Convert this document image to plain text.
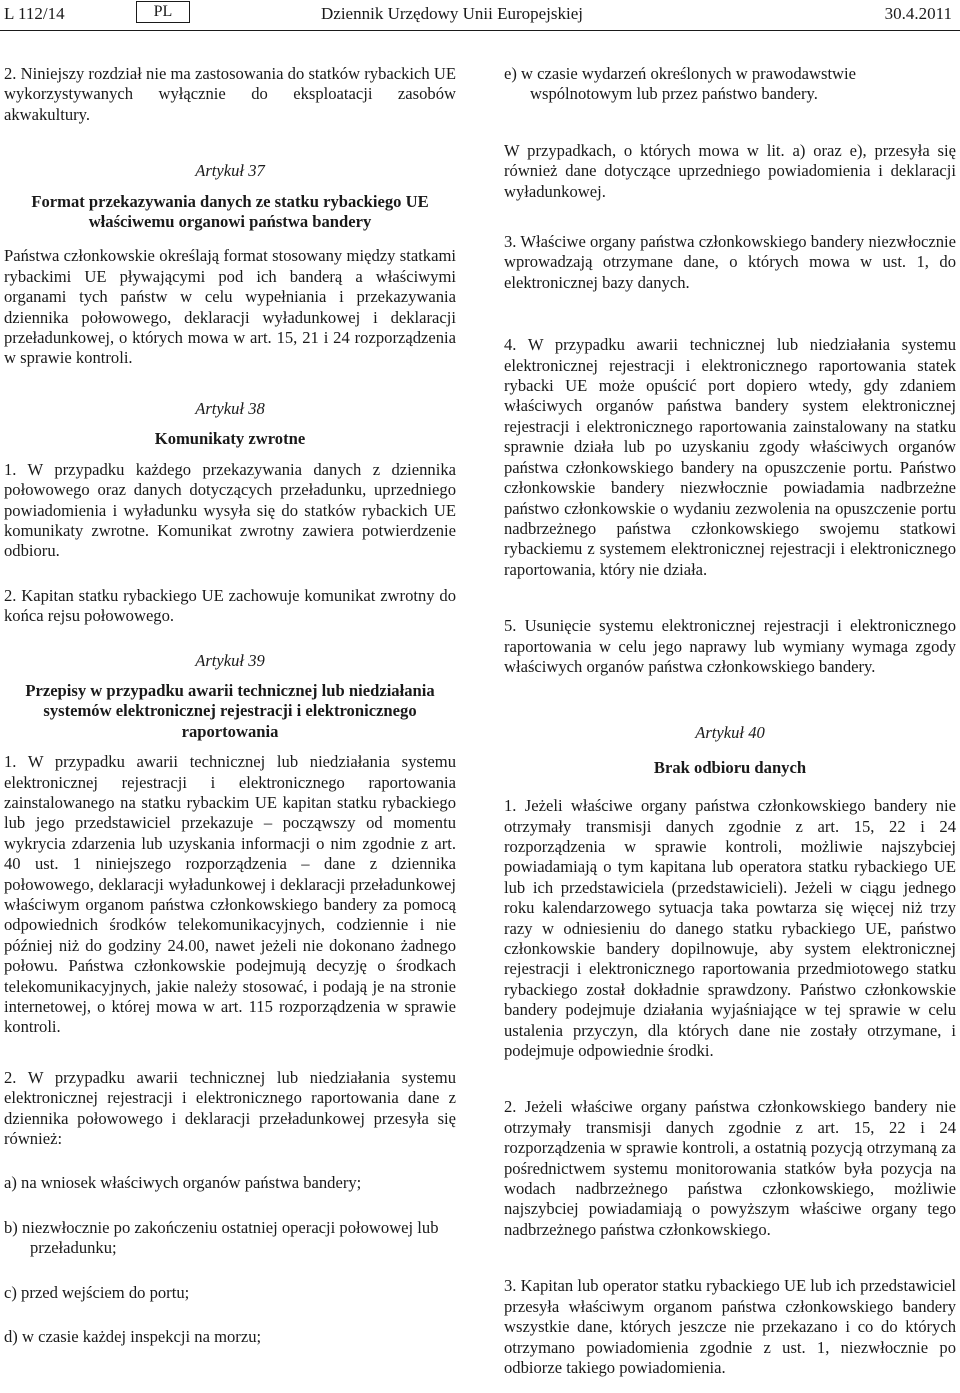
L 112/14	PL	Dziennik Urzędowy Unii Europejskiej	30.4.2011

2. Niniejszy rozdział nie ma zastosowania do statków rybackich UE wykorzystywanych wyłącznie do eksploatacji zasobów akwakultury.

Artykuł 37

Format przekazywania danych ze statku rybackiego UE właściwemu organowi państwa bandery

Państwa członkowskie określają format stosowany między statkami rybackimi UE pływającymi pod ich banderą a właściwymi organami tych państw w celu wypełniania i przekazywania dziennika połowowego, deklaracji wyładunkowej i deklaracji przeładunkowej, o których mowa w art. 15, 21 i 24 rozporządzenia w sprawie kontroli.

Artykuł 38

Komunikaty zwrotne

1. W przypadku każdego przekazywania danych z dziennika połowowego oraz danych dotyczących przeładunku, uprzedniego powiadomienia i wyładunku wysyła się do statków rybackich UE komunikaty zwrotne. Komunikat zwrotny zawiera potwierdzenie odbioru.

2. Kapitan statku rybackiego UE zachowuje komunikat zwrotny do końca rejsu połowowego.

Artykuł 39

Przepisy w przypadku awarii technicznej lub niedziałania systemów elektronicznej rejestracji i elektronicznego raportowania

1. W przypadku awarii technicznej lub niedziałania systemu elektronicznej rejestracji i elektronicznego raportowania zainstalowanego na statku rybackim UE kapitan statku rybackiego lub jego przedstawiciel przekazuje – począwszy od momentu wykrycia zdarzenia lub uzyskania informacji o nim zgodnie z art. 40 ust. 1 niniejszego rozporządzenia – dane z dziennika połowowego, deklaracji wyładunkowej i deklaracji przeładunkowej właściwym organom państwa członkowskiego bandery za pomocą odpowiednich środków telekomunikacyjnych, codziennie i nie później niż do godziny 24.00, nawet jeżeli nie dokonano żadnego połowu. Państwa członkowskie podejmują decyzję o środkach telekomunikacyjnych, jakie należy stosować, i podają je na stronie internetowej, o której mowa w art. 115 rozporządzenia w sprawie kontroli.

2. W przypadku awarii technicznej lub niedziałania systemu elektronicznej rejestracji i elektronicznego raportowania dane z dziennika połowowego i deklaracji przeładunkowej przesyła się również:

a) na wniosek właściwych organów państwa bandery;

b) niezwłocznie po zakończeniu ostatniej operacji połowowej lub przeładunku;

c) przed wejściem do portu;

d) w czasie każdej inspekcji na morzu;

e) w czasie wydarzeń określonych w prawodawstwie wspólnotowym lub przez państwo bandery.

W przypadkach, o których mowa w lit. a) oraz e), przesyła się również dane dotyczące uprzedniego powiadomienia i deklaracji wyładunkowej.

3. Właściwe organy państwa członkowskiego bandery niezwłocznie wprowadzają otrzymane dane, o których mowa w ust. 1, do elektronicznej bazy danych.

4. W przypadku awarii technicznej lub niedziałania systemu elektronicznej rejestracji i elektronicznego raportowania statek rybacki UE może opuścić port dopiero wtedy, gdy zdaniem właściwych organów państwa bandery system elektronicznej rejestracji i elektronicznego raportowania zainstalowany na statku sprawnie działa lub po uzyskaniu zgody właściwych organów państwa członkowskiego bandery na opuszczenie portu. Państwo członkowskie bandery niezwłocznie powiadamia nadbrzeżne państwo członkowskie o wydaniu zezwolenia na opuszczenie portu nadbrzeżnego państwa członkowskiego swojemu statkowi rybackiemu z systemem elektronicznej rejestracji i elektronicznego raportowania, który nie działa.

5. Usunięcie systemu elektronicznej rejestracji i elektronicznego raportowania w celu jego naprawy lub wymiany wymaga zgody właściwych organów państwa członkowskiego bandery.

Artykuł 40

Brak odbioru danych

1. Jeżeli właściwe organy państwa członkowskiego bandery nie otrzymały transmisji danych zgodnie z art. 15, 22 i 24 rozporządzenia w sprawie kontroli, możliwie najszybciej powiadamiają o tym kapitana lub operatora statku rybackiego UE lub ich przedstawiciela (przedstawicieli). Jeżeli w ciągu jednego roku kalendarzowego sytuacja taka powtarza się więcej niż trzy razy w odniesieniu do danego statku rybackiego UE, państwo członkowskie bandery dopilnowuje, aby system elektronicznej rejestracji i elektronicznego raportowania przedmiotowego statku rybackiego został dokładnie sprawdzony. Państwo członkowskie bandery podejmuje działania wyjaśniające w tej sprawie w celu ustalenia przyczyn, dla których dane nie zostały otrzymane, i podejmuje odpowiednie środki.

2. Jeżeli właściwe organy państwa członkowskiego bandery nie otrzymały transmisji danych zgodnie z art. 15, 22 i 24 rozporządzenia w sprawie kontroli, a ostatnią pozycją otrzymaną za pośrednictwem systemu monitorowania statków była pozycja na wodach nadbrzeżnego państwa członkowskiego, możliwie najszybciej powiadamiają o powyższym właściwe organy tego nadbrzeżnego państwa członkowskiego.

3. Kapitan lub operator statku rybackiego UE lub ich przedstawiciel przesyła właściwym organom państwa członkowskiego bandery wszystkie dane, których jeszcze nie przekazano i co do których otrzymano powiadomienia zgodnie z ust. 1, niezwłocznie po odbiorze takiego powiadomienia.
